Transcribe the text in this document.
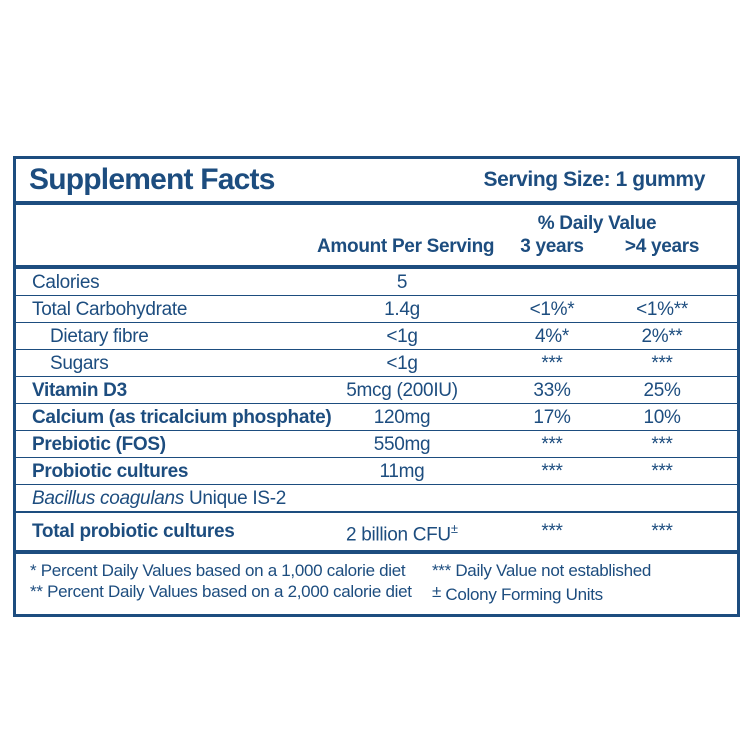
Supplement Facts	Serving Size: 1 gummy
		% Daily Value	
	Amount Per Serving	3 years	>4 years
Calories	5		
Total Carbohydrate	1.4g	<1%*	<1%**
Dietary fibre	<1g	4%*	2%**
Sugars	<1g	***	***
Vitamin D3	5mcg (200IU)	33%	25%
Calcium (as tricalcium phosphate)	120mg	17%	10%
Prebiotic (FOS)	550mg	***	***
Probiotic cultures	11mg	***	***
Bacillus coagulans Unique IS-2			
Total probiotic cultures	2 billion CFU±	***	***
* Percent Daily Values based on a 1,000 calorie diet
** Percent Daily Values based on a 2,000 calorie diet
*** Daily Value not established
± Colony Forming Units
